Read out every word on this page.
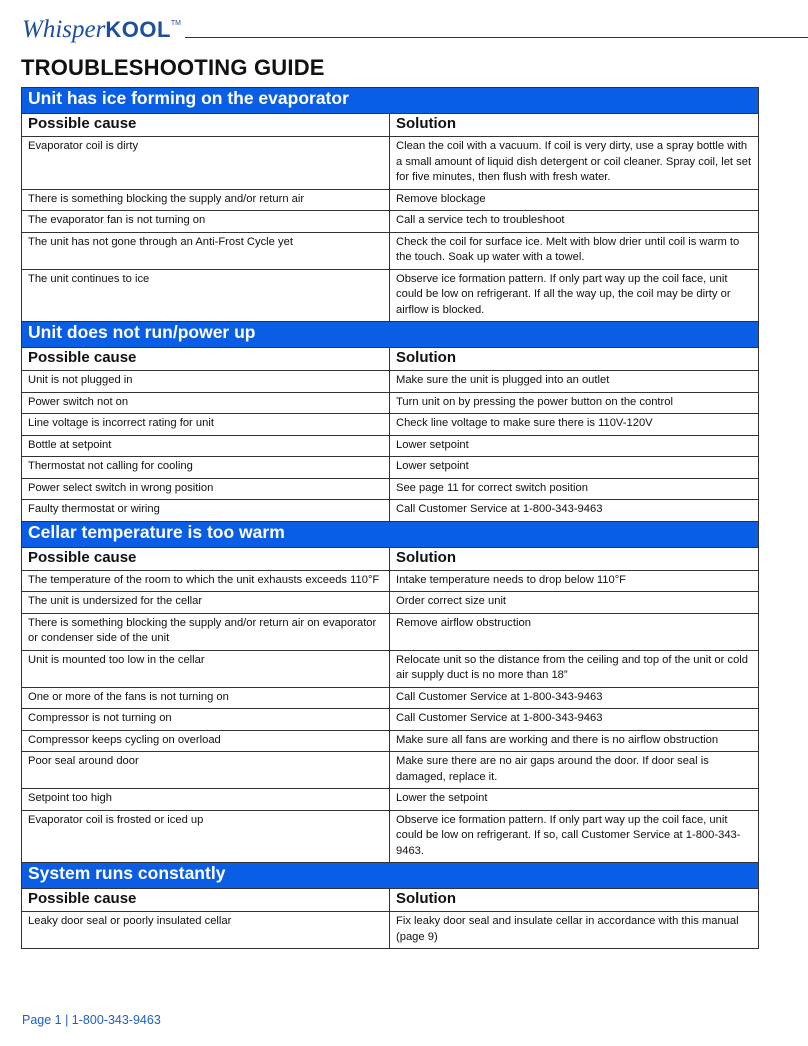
WhisperKOOL™
TROUBLESHOOTING GUIDE
Unit has ice forming on the evaporator	
Possible cause	Solution
Evaporator coil is dirty	Clean the coil with a vacuum. If coil is very dirty, use a spray bottle with a small amount of liquid dish detergent or coil cleaner. Spray coil, let set for five minutes, then flush with fresh water.
There is something blocking the supply and/or return air	Remove blockage
The evaporator fan is not turning on	Call a service tech to troubleshoot
The unit has not gone through an Anti-Frost Cycle yet	Check the coil for surface ice. Melt with blow drier until coil is warm to the touch. Soak up water with a towel.
The unit continues to ice	Observe ice formation pattern. If only part way up the coil face, unit could be low on refrigerant. If all the way up, the coil may be dirty or airflow is blocked.
Unit does not run/power up	
Possible cause	Solution
Unit is not plugged in	Make sure the unit is plugged into an outlet
Power switch not on	Turn unit on by pressing the power button on the control
Line voltage is incorrect rating for unit	Check line voltage to make sure there is 110V-120V
Bottle at setpoint	Lower setpoint
Thermostat not calling for cooling	Lower setpoint
Power select switch in wrong position	See page 11 for correct switch position
Faulty thermostat or wiring	Call Customer Service at 1-800-343-9463
Cellar temperature is too warm	
Possible cause	Solution
The temperature of the room to which the unit exhausts exceeds 110°F	Intake temperature needs to drop below 110°F
The unit is undersized for the cellar	Order correct size unit
There is something blocking the supply and/or return air on evaporator or condenser side of the unit	Remove airflow obstruction
Unit is mounted too low in the cellar	Relocate unit so the distance from the ceiling and top of the unit or cold air supply duct is no more than 18”
One or more of the fans is not turning on	Call Customer Service at 1-800-343-9463
Compressor is not turning on	Call Customer Service at 1-800-343-9463
Compressor keeps cycling on overload	Make sure all fans are working and there is no airflow obstruction
Poor seal around door	Make sure there are no air gaps around the door. If door seal is damaged, replace it.
Setpoint too high	Lower the setpoint
Evaporator coil is frosted or iced up	Observe ice formation pattern. If only part way up the coil face, unit could be low on refrigerant. If so, call Customer Service at 1-800-343-9463.
System runs constantly	
Possible cause	Solution
Leaky door seal or poorly insulated cellar	Fix leaky door seal and insulate cellar in accordance with this manual (page 9)
Page 1 | 1-800-343-9463
